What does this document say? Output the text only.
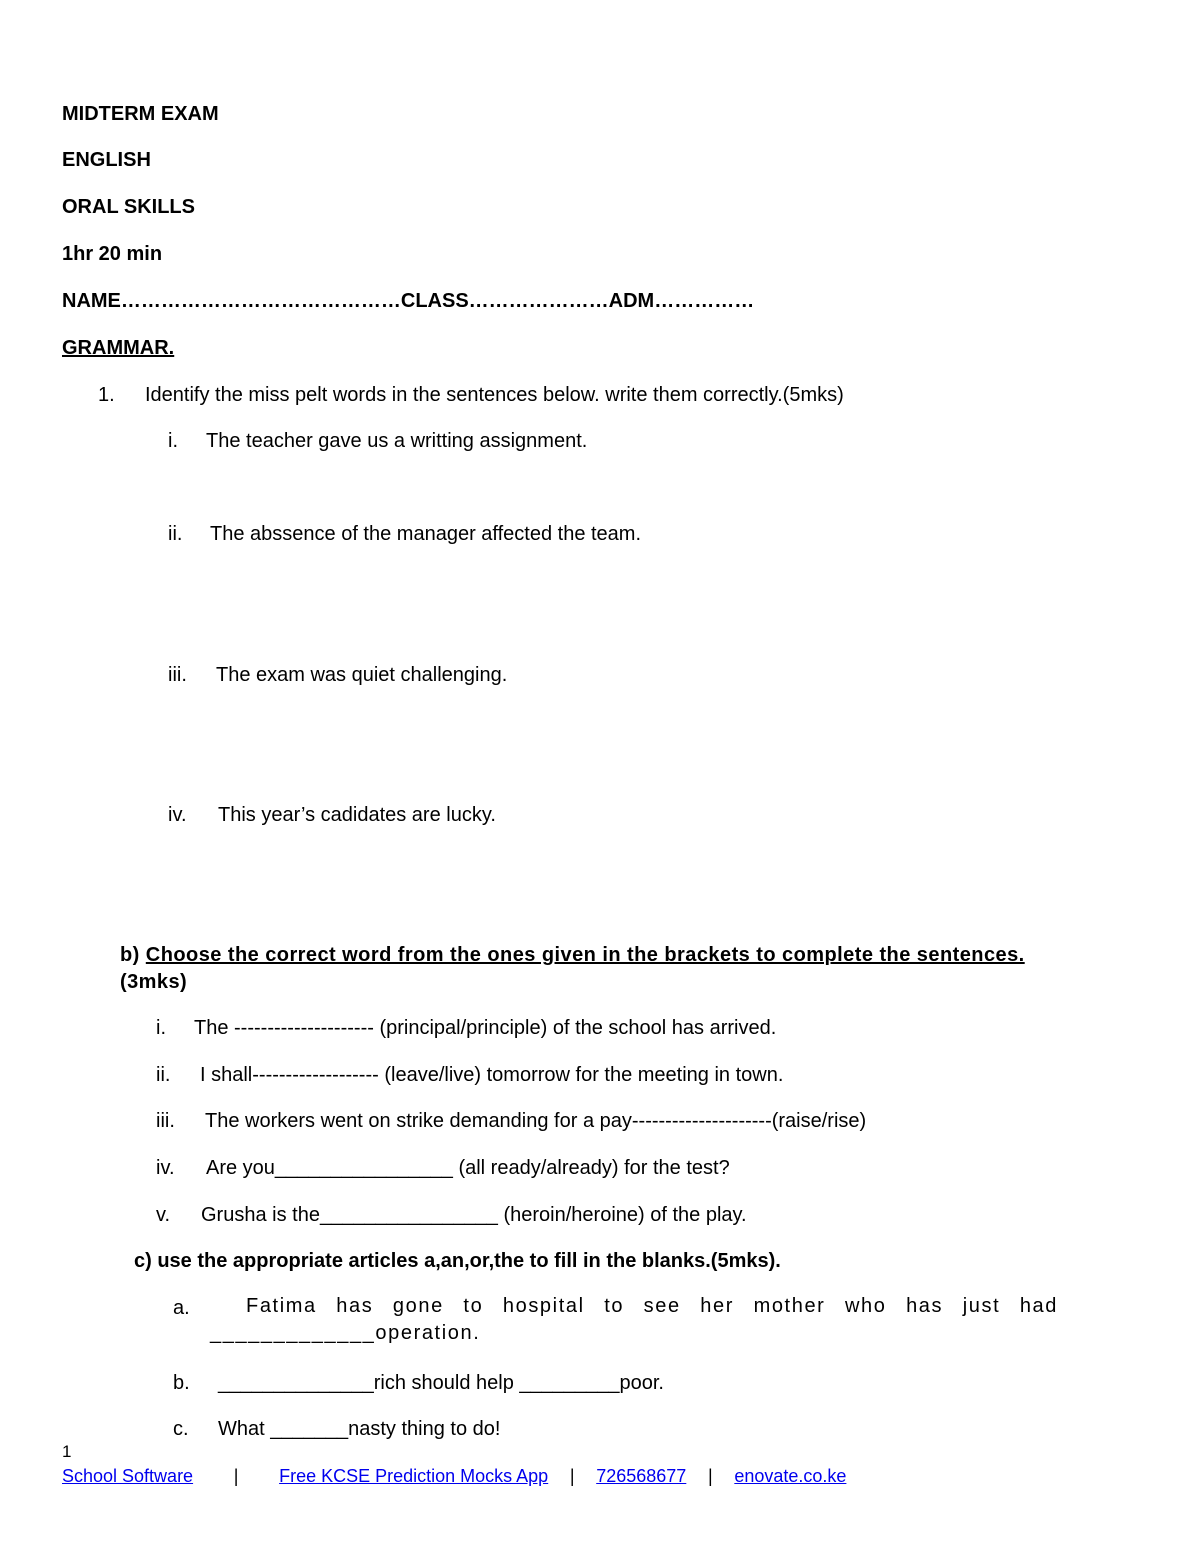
MIDTERM EXAM
ENGLISH
ORAL SKILLS
1hr 20 min
NAME……………………………………CLASS…………………ADM……………
GRAMMAR.
1. Identify the miss pelt words in the sentences below. write them correctly.(5mks)
i. The teacher gave us a writting assignment.
ii. The abssence of the manager affected the team.
iii. The exam was quiet challenging.
iv. This year’s cadidates are lucky.
b) Choose the correct word from the ones given in the brackets to complete the sentences. (3mks)
i. The --------------------- (principal/principle) of the school has arrived.
ii. I shall------------------- (leave/live) tomorrow for the meeting in town.
iii. The workers went on strike demanding for a pay---------------------(raise/rise)
iv. Are you________________ (all ready/already) for the test?
v. Grusha is the________________ (heroin/heroine) of the play.
c) use the appropriate articles a,an,or,the to fill in the blanks.(5mks).
a.	Fatima has gone to hospital to see her mother who has just had _____________operation.
b. ______________rich should help _________poor.
c. What _______nasty thing to do!
1
School Software | Free KCSE Prediction Mocks App | 726568677 | enovate.co.ke
